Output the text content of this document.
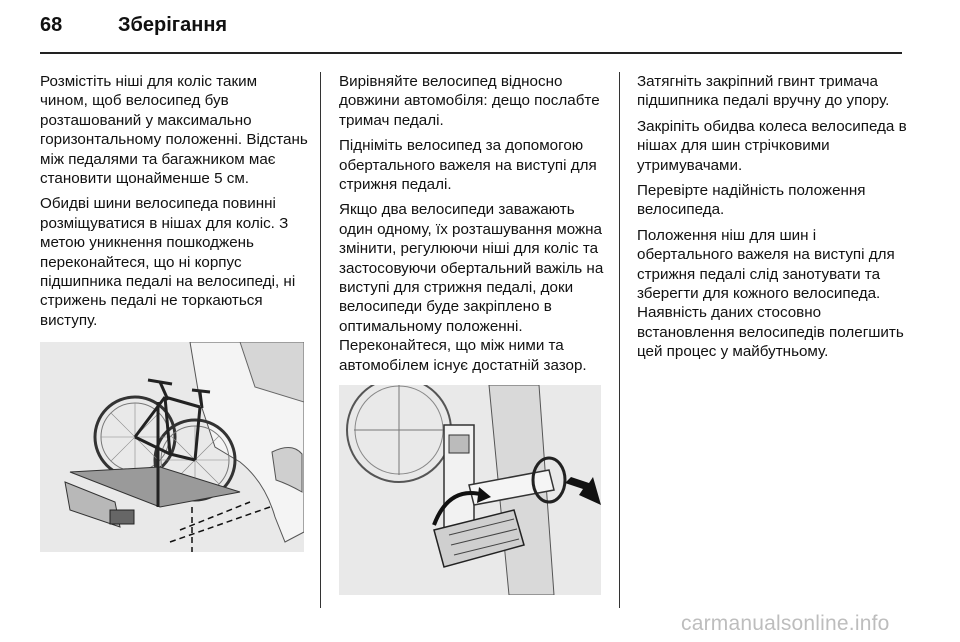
68	Зберігання

Розмістіть ніші для коліс таким чином, щоб велосипед був розташований у максимально горизонтальному положенні. Відстань між педалями та багажником має становити щонайменше 5 см.

Обидві шини велосипеда повинні розміщуватися в нішах для коліс. З метою уникнення пошкоджень переконайтеся, що ні корпус підшипника педалі на велосипеді, ні стрижень педалі не торкаються виступу.

Вирівняйте велосипед відносно довжини автомобіля: дещо послабте тримач педалі.

Підніміть велосипед за допомогою обертального важеля на виступі для стрижня педалі.

Якщо два велосипеди заважають один одному, їх розташування можна змінити, регулюючи ніші для коліс та застосовуючи обертальний важіль на виступі для стрижня педалі, доки велосипеди буде закріплено в оптимальному положенні. Переконайтеся, що між ними та автомобілем існує достатній зазор.

Затягніть закріпний гвинт тримача підшипника педалі вручну до упору.

Закріпіть обидва колеса велосипеда в нішах для шин стрічковими утримувачами.

Перевірте надійність положення велосипеда.

Положення ніш для шин і обертального важеля на виступі для стрижня педалі слід занотувати та зберегти для кожного велосипеда. Наявність даних стосовно встановлення велосипедів полегшить цей процес у майбутньому.

carmanualsonline.info
